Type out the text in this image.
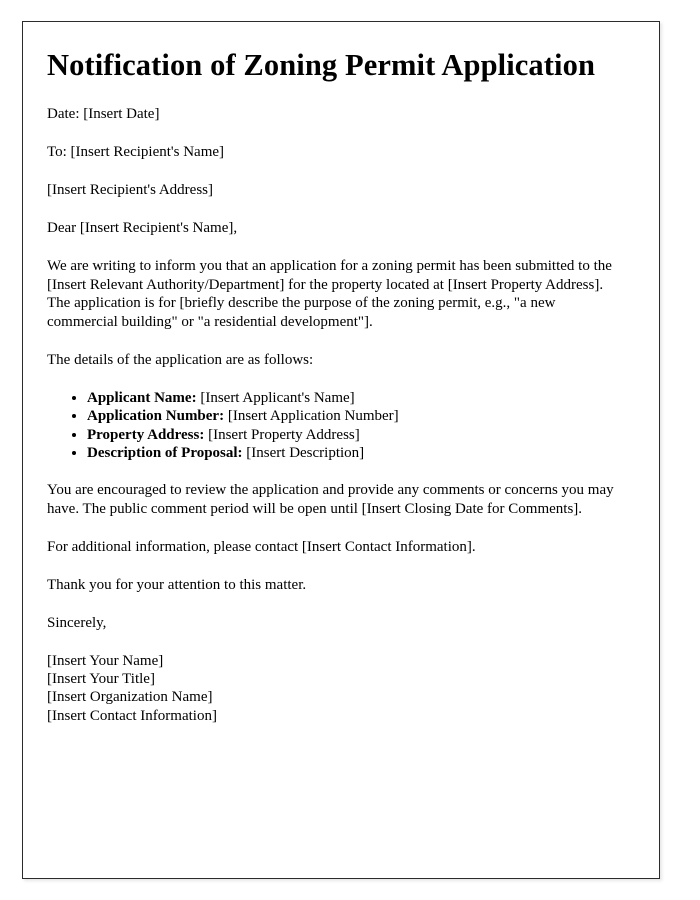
Notification of Zoning Permit Application

Date: [Insert Date]

To: [Insert Recipient's Name]

[Insert Recipient's Address]

Dear [Insert Recipient's Name],

We are writing to inform you that an application for a zoning permit has been submitted to the [Insert Relevant Authority/Department] for the property located at [Insert Property Address]. The application is for [briefly describe the purpose of the zoning permit, e.g., "a new commercial building" or "a residential development"].

The details of the application are as follows:

• Applicant Name: [Insert Applicant's Name]
• Application Number: [Insert Application Number]
• Property Address: [Insert Property Address]
• Description of Proposal: [Insert Description]

You are encouraged to review the application and provide any comments or concerns you may have. The public comment period will be open until [Insert Closing Date for Comments].

For additional information, please contact [Insert Contact Information].

Thank you for your attention to this matter.

Sincerely,

[Insert Your Name]
[Insert Your Title]
[Insert Organization Name]
[Insert Contact Information]
